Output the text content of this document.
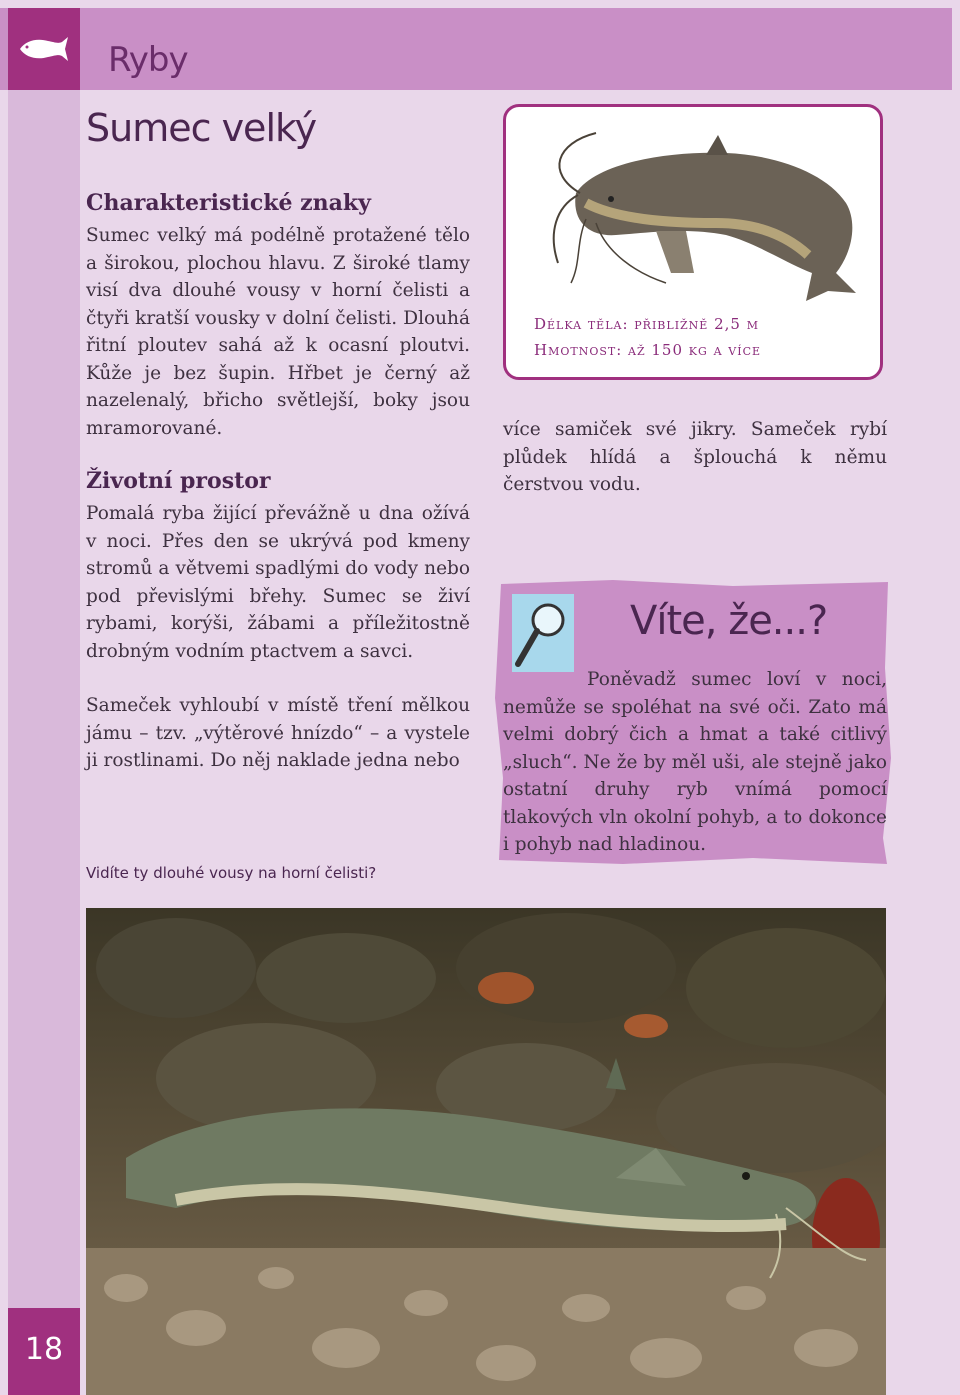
Ryby
18
Sumec velký
Charakteristické znaky
Sumec velký má podélně protažené tělo a širokou, plochou hlavu. Z široké tlamy visí dva dlouhé vousy v horní čelisti a čtyři kratší vousky v dolní čelisti. Dlouhá řitní ploutev sahá až k ocasní ploutvi. Kůže je bez šupin. Hřbet je černý až nazelenalý, břicho světlejší, boky jsou mramorované.
Životní prostor
Pomalá ryba žijící převážně u dna ožívá v noci. Přes den se ukrývá pod kmeny stromů a větvemi spadlými do vody nebo pod převislými břehy. Sumec se živí rybami, korýši, žábami a příležitostně drobným vodním ptactvem a savci.
Sameček vyhloubí v místě tření mělkou jámu – tzv. „výtěrové hnízdo“ – a vystele ji rostlinami. Do něj naklade jedna nebo
Délka těla: přibližně 2,5 m
Hmotnost: až 150 kg a více
více samiček své jikry. Sameček rybí plůdek hlídá a šplouchá k němu čerstvou vodu.
Víte, že...?
Poněvadž sumec loví v noci, nemůže se spoléhat na své oči. Zato má velmi dobrý čich a hmat a také citlivý „sluch“. Ne že by měl uši, ale stejně jako ostatní druhy ryb vnímá pomocí tlakových vln okolní pohyb, a to dokonce i pohyb nad hladinou.
Vidíte ty dlouhé vousy na horní čelisti?
